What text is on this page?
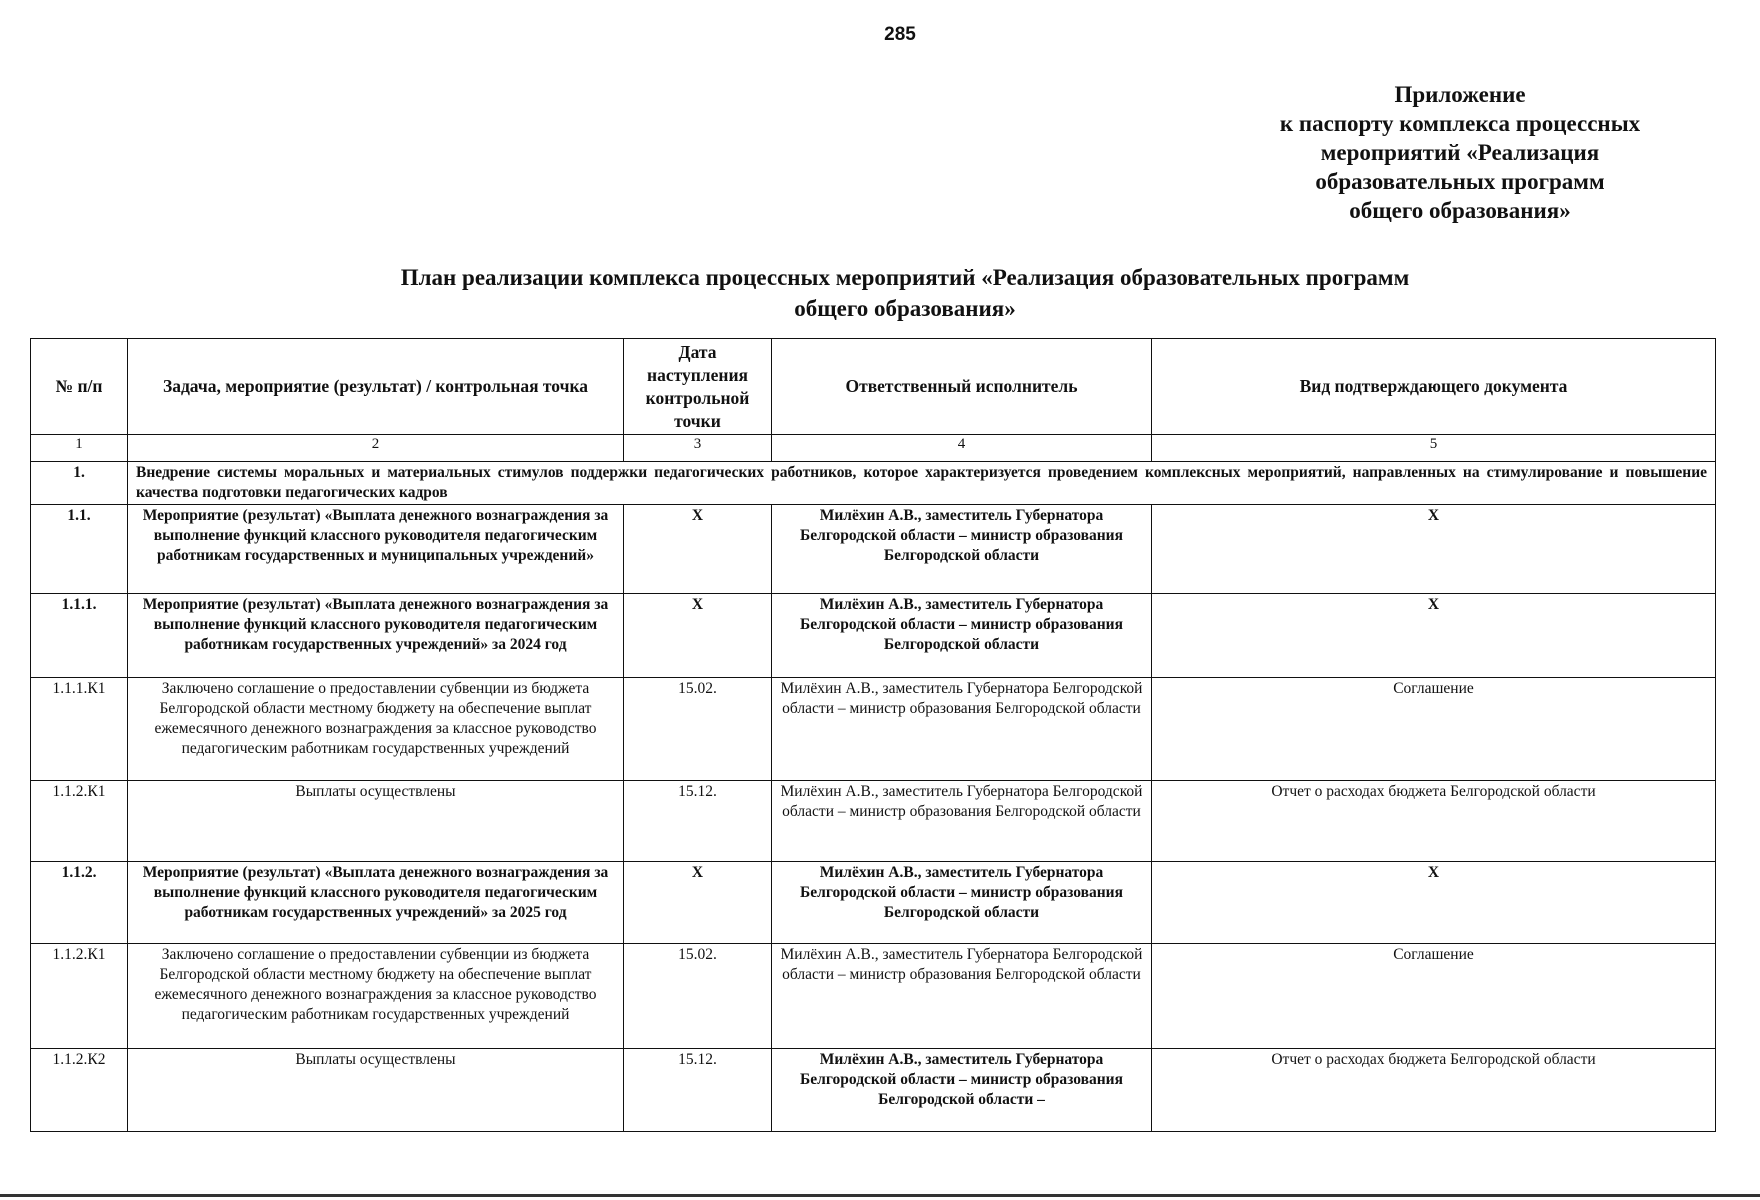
285
Приложение
к паспорту комплекса процессных
мероприятий «Реализация
образовательных программ
общего образования»
План реализации комплекса процессных мероприятий «Реализация образовательных программ
общего образования»
№ п/п	Задача, мероприятие (результат) / контрольная точка	Дата наступления контрольной точки	Ответственный исполнитель	Вид подтверждающего документа
1	2	3	4	5
1.	Внедрение системы моральных и материальных стимулов поддержки педагогических работников, которое характеризуется проведением комплексных мероприятий, направленных на стимулирование и повышение качества подготовки педагогических кадров			
1.1.	Мероприятие (результат) «Выплата денежного вознаграждения за выполнение функций классного руководителя педагогическим работникам государственных и муниципальных учреждений»	X	Милёхин А.В., заместитель Губернатора Белгородской области – министр образования Белгородской области	X
1.1.1.	Мероприятие (результат) «Выплата денежного вознаграждения за выполнение функций классного руководителя педагогическим работникам государственных учреждений» за 2024 год	X	Милёхин А.В., заместитель Губернатора Белгородской области – министр образования Белгородской области	X
1.1.1.К1	Заключено соглашение о предоставлении субвенции из бюджета Белгородской области местному бюджету на обеспечение выплат ежемесячного денежного вознаграждения за классное руководство педагогическим работникам государственных учреждений	15.02.	Милёхин А.В., заместитель Губернатора Белгородской области – министр образования Белгородской области	Соглашение
1.1.2.К1	Выплаты осуществлены	15.12.	Милёхин А.В., заместитель Губернатора Белгородской области – министр образования Белгородской области	Отчет о расходах бюджета Белгородской области
1.1.2.	Мероприятие (результат) «Выплата денежного вознаграждения за выполнение функций классного руководителя педагогическим работникам государственных учреждений» за 2025 год	X	Милёхин А.В., заместитель Губернатора Белгородской области – министр образования Белгородской области	X
1.1.2.К1	Заключено соглашение о предоставлении субвенции из бюджета Белгородской области местному бюджету на обеспечение выплат ежемесячного денежного вознаграждения за классное руководство педагогическим работникам государственных учреждений	15.02.	Милёхин А.В., заместитель Губернатора Белгородской области – министр образования Белгородской области	Соглашение
1.1.2.К2	Выплаты осуществлены	15.12.	Милёхин А.В., заместитель Губернатора Белгородской области – министр образования Белгородской области –	Отчет о расходах бюджета Белгородской области
